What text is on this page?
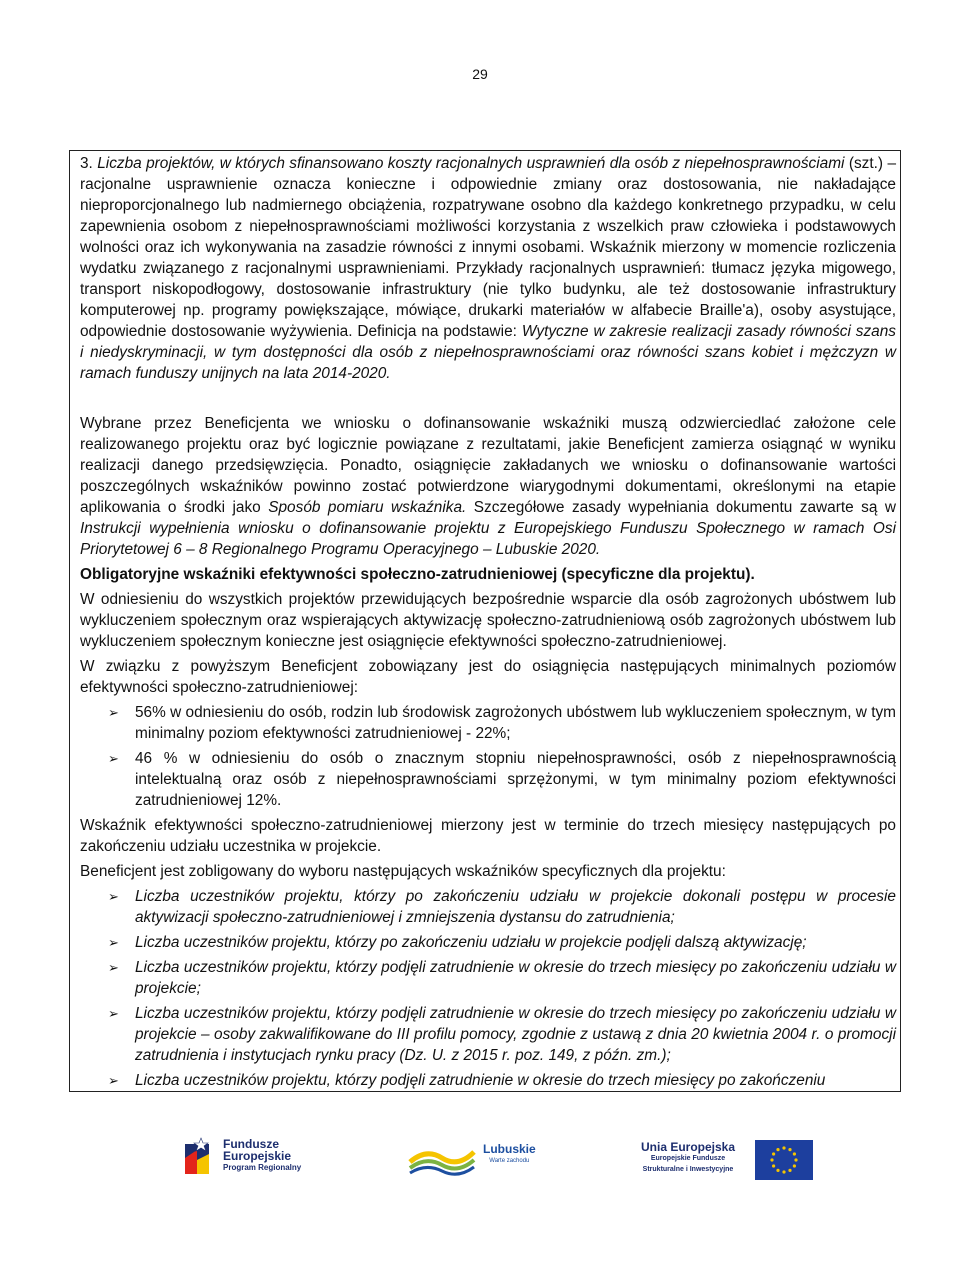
29

3. Liczba projektów, w których sfinansowano koszty racjonalnych usprawnień dla osób z niepełnosprawnościami (szt.) – racjonalne usprawnienie oznacza konieczne i odpowiednie zmiany oraz dostosowania, nie nakładające nieproporcjonalnego lub nadmiernego obciążenia, rozpatrywane osobno dla każdego konkretnego przypadku, w celu zapewnienia osobom z niepełnosprawnościami możliwości korzystania z wszelkich praw człowieka i podstawowych wolności oraz ich wykonywania na zasadzie równości z innymi osobami. Wskaźnik mierzony w momencie rozliczenia wydatku związanego z racjonalnymi usprawnieniami. Przykłady racjonalnych usprawnień: tłumacz języka migowego, transport niskopodłogowy, dostosowanie infrastruktury (nie tylko budynku, ale też dostosowanie infrastruktury komputerowej np. programy powiększające, mówiące, drukarki materiałów w alfabecie Braille'a), osoby asystujące, odpowiednie dostosowanie wyżywienia. Definicja na podstawie: Wytyczne w zakresie realizacji zasady równości szans i niedyskryminacji, w tym dostępności dla osób z niepełnosprawnościami oraz równości szans kobiet i mężczyzn w ramach funduszy unijnych na lata 2014-2020.

Wybrane przez Beneficjenta we wniosku o dofinansowanie wskaźniki muszą odzwierciedlać założone cele realizowanego projektu oraz być logicznie powiązane z rezultatami, jakie Beneficjent zamierza osiągnąć w wyniku realizacji danego przedsięwzięcia. Ponadto, osiągnięcie zakładanych we wniosku o dofinansowanie wartości poszczególnych wskaźników powinno zostać potwierdzone wiarygodnymi dokumentami, określonymi na etapie aplikowania o środki jako Sposób pomiaru wskaźnika. Szczegółowe zasady wypełniania dokumentu zawarte są w Instrukcji wypełnienia wniosku o dofinansowanie projektu z Europejskiego Funduszu Społecznego w ramach Osi Priorytetowej 6 – 8 Regionalnego Programu Operacyjnego – Lubuskie 2020.

Obligatoryjne wskaźniki efektywności społeczno-zatrudnieniowej (specyficzne dla projektu).

W odniesieniu do wszystkich projektów przewidujących bezpośrednie wsparcie dla osób zagrożonych ubóstwem lub wykluczeniem społecznym oraz wspierających aktywizację społeczno-zatrudnieniową osób zagrożonych ubóstwem lub wykluczeniem społecznym konieczne jest osiągnięcie efektywności społeczno-zatrudnieniowej.

W związku z powyższym Beneficjent zobowiązany jest do osiągnięcia następujących minimalnych poziomów efektywności społeczno-zatrudnieniowej:

➢ 56% w odniesieniu do osób, rodzin lub środowisk zagrożonych ubóstwem lub wykluczeniem społecznym, w tym minimalny poziom efektywności zatrudnieniowej - 22%;
➢ 46 % w odniesieniu do osób o znacznym stopniu niepełnosprawności, osób z niepełnosprawnością intelektualną oraz osób z niepełnosprawnościami sprzężonymi, w tym minimalny poziom efektywności zatrudnieniowej 12%.

Wskaźnik efektywności społeczno-zatrudnieniowej mierzony jest w terminie do trzech miesięcy następujących po zakończeniu udziału uczestnika w projekcie.

Beneficjent jest zobligowany do wyboru następujących wskaźników specyficznych dla projektu:

➢ Liczba uczestników projektu, którzy po zakończeniu udziału w projekcie dokonali postępu w procesie aktywizacji społeczno-zatrudnieniowej i zmniejszenia dystansu do zatrudnienia;
➢ Liczba uczestników projektu, którzy po zakończeniu udziału w projekcie podjęli dalszą aktywizację;
➢ Liczba uczestników projektu, którzy podjęli zatrudnienie w okresie do trzech miesięcy po zakończeniu udziału w projekcie;
➢ Liczba uczestników projektu, którzy podjęli zatrudnienie w okresie do trzech miesięcy po zakończeniu udziału w projekcie – osoby zakwalifikowane do III profilu pomocy, zgodnie z ustawą z dnia 20 kwietnia 2004 r. o promocji zatrudnienia i instytucjach rynku pracy (Dz. U. z 2015 r. poz. 149, z późn. zm.);
➢ Liczba uczestników projektu, którzy podjęli zatrudnienie w okresie do trzech miesięcy po zakończeniu
Fundusze
Europejskie
Program Regionalny
Lubuskie
Warte zachodu
Unia Europejska
Europejskie Fundusze
Strukturalne i Inwestycyjne
